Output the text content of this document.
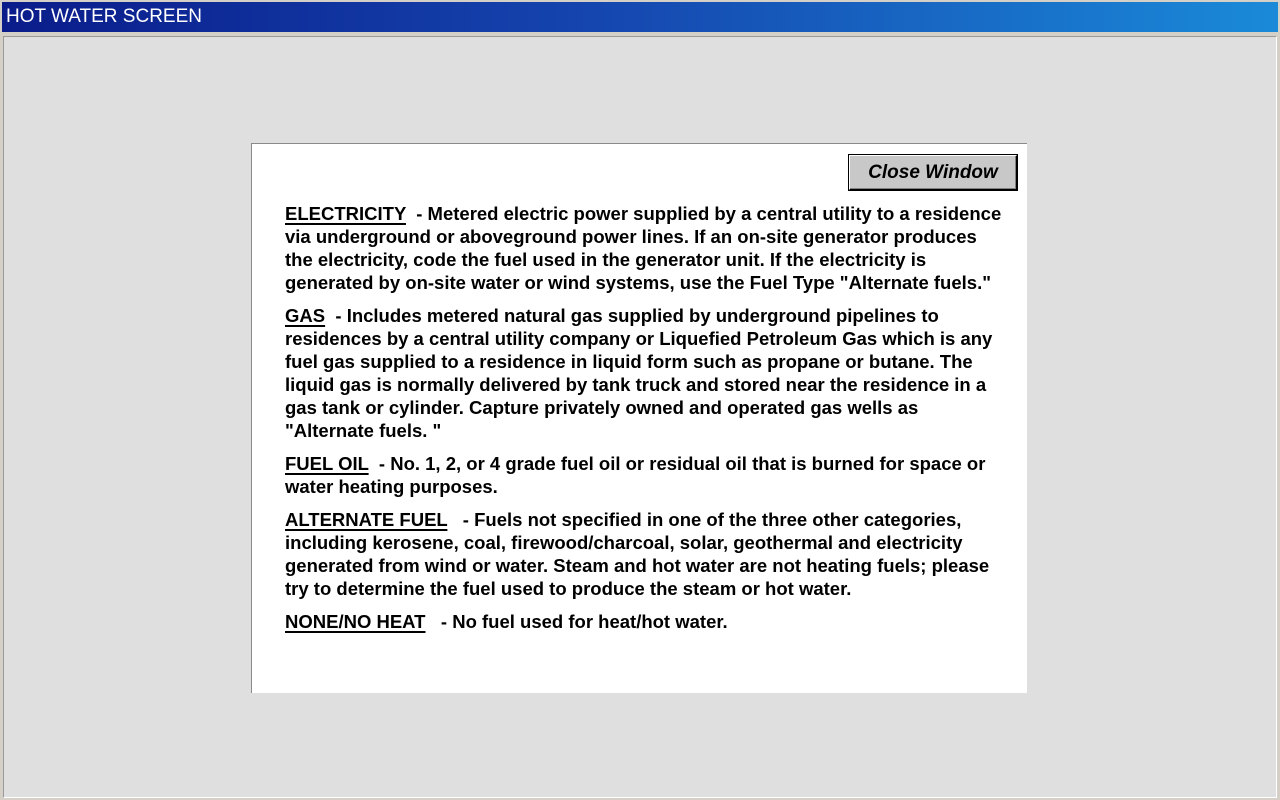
HOT WATER SCREEN
Close Window
ELECTRICITY  - Metered electric power supplied by a central utility to a residence via underground or aboveground power lines. If an on-site generator produces the electricity, code the fuel used in the generator unit. If the electricity is generated by on-site water or wind systems, use the Fuel Type "Alternate fuels."
GAS  - Includes metered natural gas supplied by underground pipelines to residences by a central utility company or Liquefied Petroleum Gas which is any fuel gas supplied to a residence in liquid form such as propane or butane. The liquid gas is normally delivered by tank truck and stored near the residence in a gas tank or cylinder. Capture privately owned and operated gas wells as "Alternate fuels. "
FUEL OIL  - No. 1, 2, or 4 grade fuel oil or residual oil that is burned for space or water heating purposes.
ALTERNATE FUEL   - Fuels not specified in one of the three other categories, including kerosene, coal, firewood/charcoal, solar, geothermal and electricity generated from wind or water. Steam and hot water are not heating fuels; please try to determine the fuel used to produce the steam or hot water.
NONE/NO HEAT   - No fuel used for heat/hot water.
